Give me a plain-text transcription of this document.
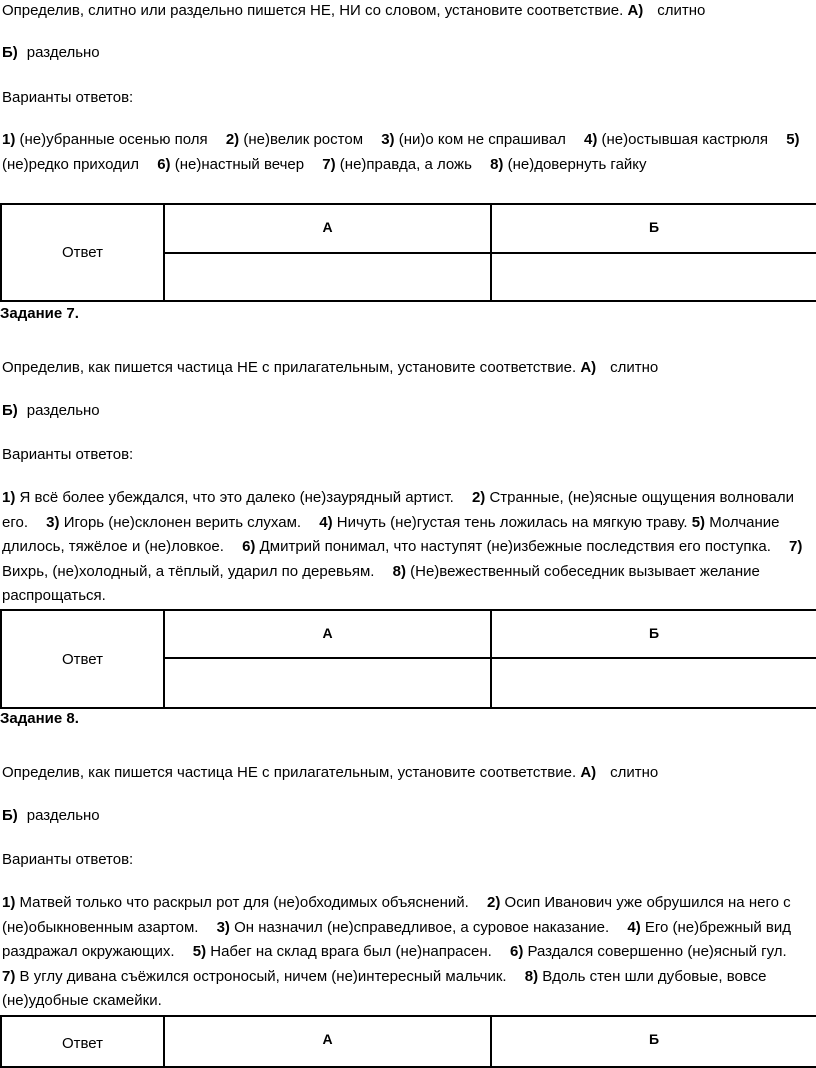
Определив, слитно или раздельно пишется НЕ, НИ со словом, установите соответствие. А) слитно
Б) раздельно
Варианты ответов:
1) (не)убранные осенью поля 2) (не)велик ростом 3) (ни)о ком не спрашивал 4) (не)остывшая кастрюля 5) (не)редко приходил 6) (не)настный вечер 7) (не)правда, а ложь 8) (не)довернуть гайку
Ответ	А	Б

Задание 7.
Определив, как пишется частица НЕ с прилагательным, установите соответствие. А) слитно
Б) раздельно
Варианты ответов:
1) Я всё более убеждался, что это далеко (не)заурядный артист. 2) Странные, (не)ясные ощущения волновали его. 3) Игорь (не)склонен верить слухам. 4) Ничуть (не)густая тень ложилась на мягкую траву. 5) Молчание длилось, тяжёлое и (не)ловкое. 6) Дмитрий понимал, что наступят (не)избежные последствия его поступка. 7) Вихрь, (не)холодный, а тёплый, ударил по деревьям. 8) (Не)вежественный собеседник вызывает желание распрощаться.
Ответ	А	Б

Задание 8.
Определив, как пишется частица НЕ с прилагательным, установите соответствие. А) слитно
Б) раздельно
Варианты ответов:
1) Матвей только что раскрыл рот для (не)обходимых объяснений. 2) Осип Иванович уже обрушился на него с (не)обыкновенным азартом. 3) Он назначил (не)справедливое, а суровое наказание. 4) Его (не)брежный вид раздражал окружающих. 5) Набег на склад врага был (не)напрасен. 6) Раздался совершенно (не)ясный гул. 7) В углу дивана съёжился остроносый, ничем (не)интересный мальчик. 8) Вдоль стен шли дубовые, вовсе (не)удобные скамейки.
Ответ	А	Б
